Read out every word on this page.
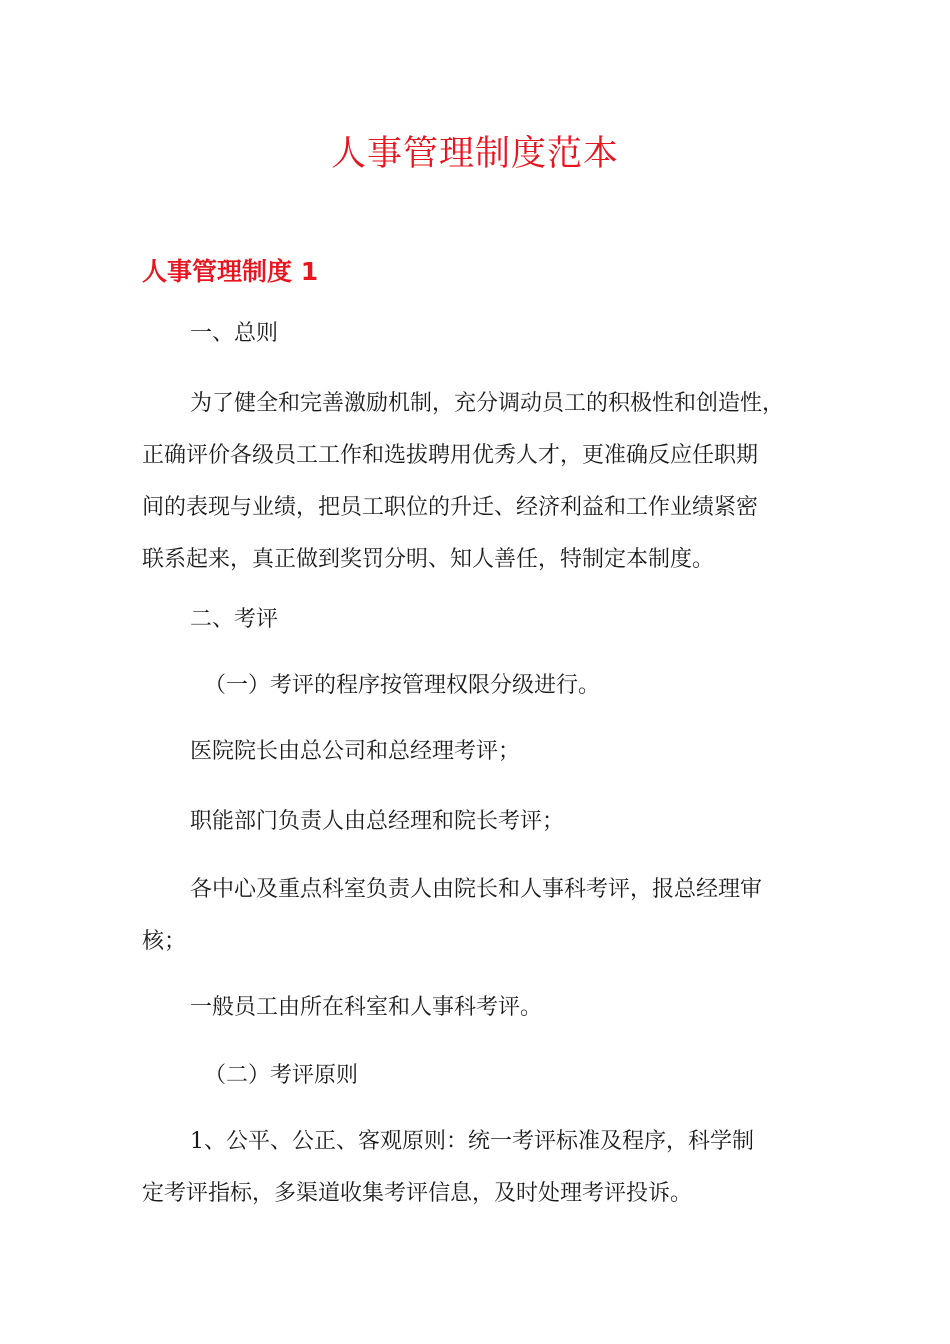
人事管理制度范本
人事管理制度 1

一、总则

为了健全和完善激励机制，充分调动员工的积极性和创造性，
正确评价各级员工工作和选拔聘用优秀人才，更准确反应任职期
间的表现与业绩，把员工职位的升迁、经济利益和工作业绩紧密
联系起来，真正做到奖罚分明、知人善任，特制定本制度。

二、考评

（一）考评的程序按管理权限分级进行。

医院院长由总公司和总经理考评；

职能部门负责人由总经理和院长考评；

各中心及重点科室负责人由院长和人事科考评，报总经理审
核；

一般员工由所在科室和人事科考评。

（二）考评原则

1、公平、公正、客观原则：统一考评标准及程序，科学制
定考评指标，多渠道收集考评信息，及时处理考评投诉。
